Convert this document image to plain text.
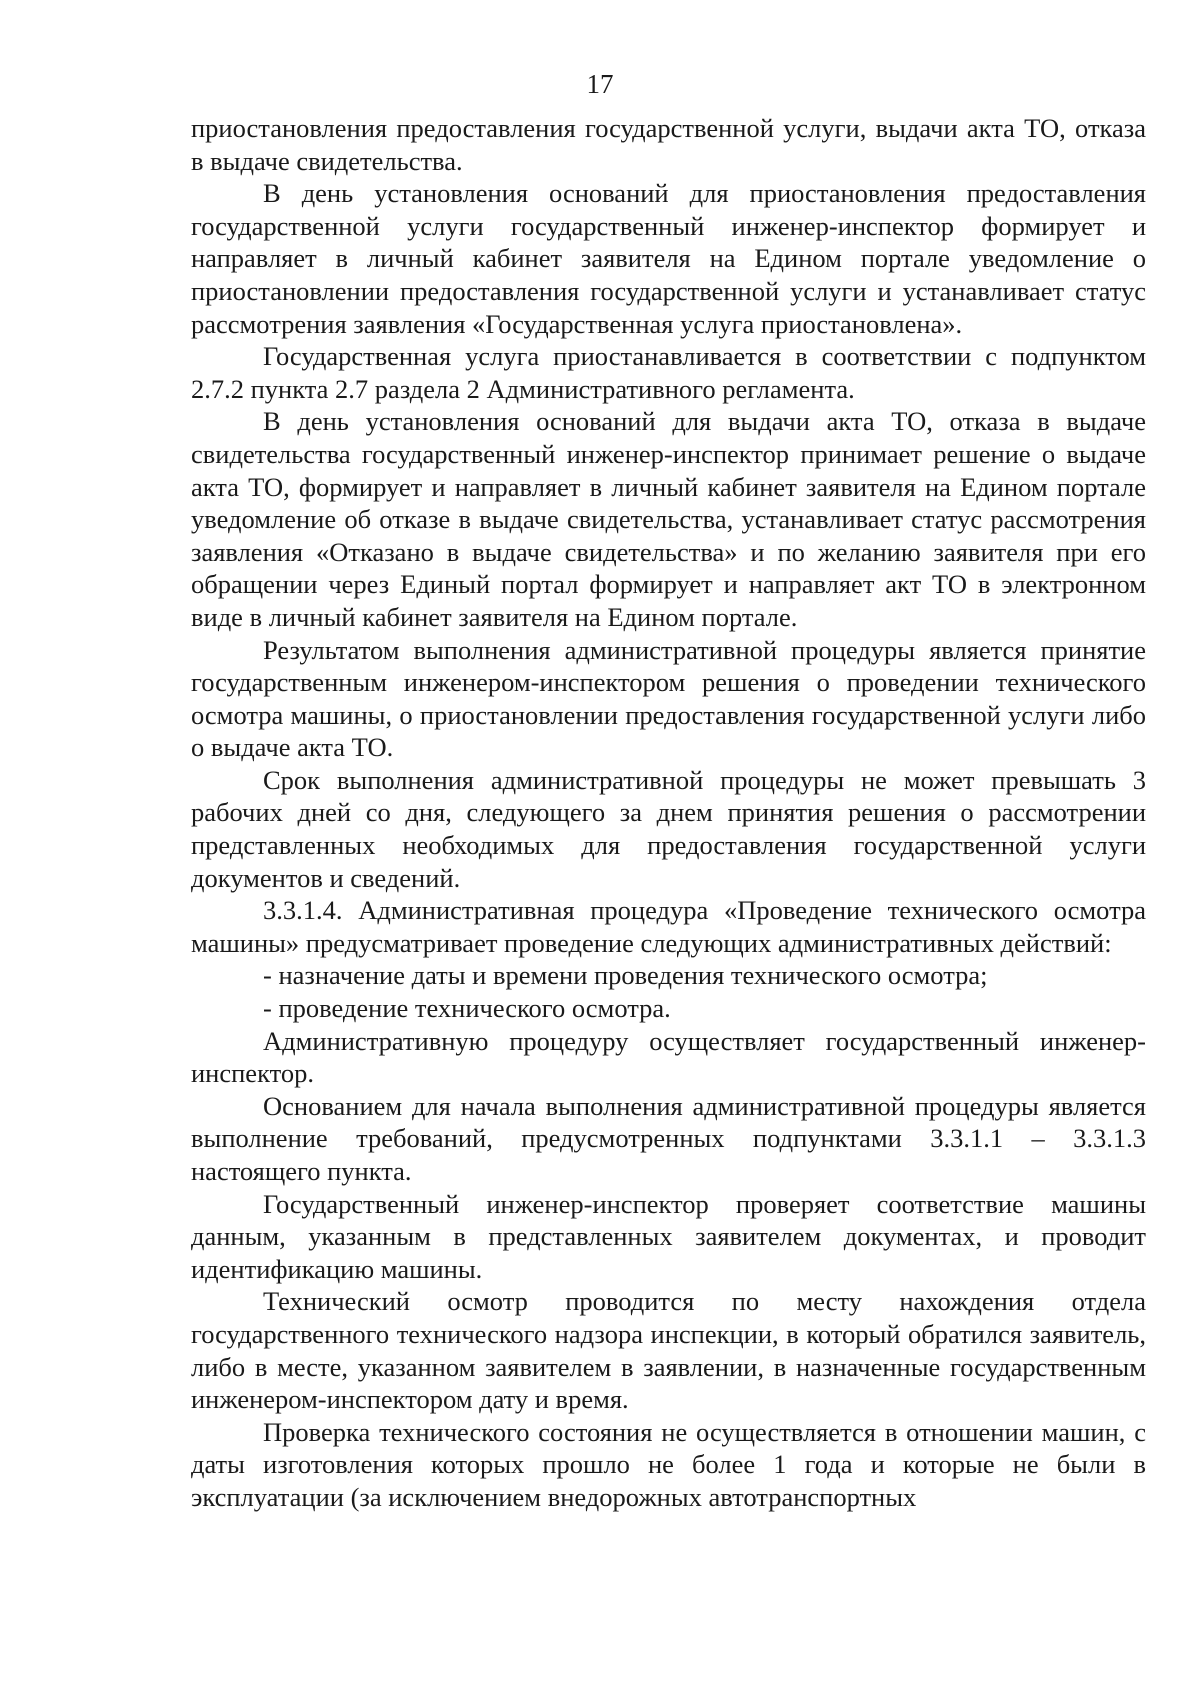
17

приостановления предоставления государственной услуги, выдачи акта ТО, отказа в выдаче свидетельства.

В день установления оснований для приостановления предоставления государственной услуги государственный инженер-инспектор формирует и направляет в личный кабинет заявителя на Едином портале уведомление о приостановлении предоставления государственной услуги и устанавливает статус рассмотрения заявления «Государственная услуга приостановлена».

Государственная услуга приостанавливается в соответствии с подпунктом 2.7.2 пункта 2.7 раздела 2 Административного регламента.

В день установления оснований для выдачи акта ТО, отказа в выдаче свидетельства государственный инженер-инспектор принимает решение о выдаче акта ТО, формирует и направляет в личный кабинет заявителя на Едином портале уведомление об отказе в выдаче свидетельства, устанавливает статус рассмотрения заявления «Отказано в выдаче свидетельства» и по желанию заявителя при его обращении через Единый портал формирует и направляет акт ТО в электронном виде в личный кабинет заявителя на Едином портале.

Результатом выполнения административной процедуры является принятие государственным инженером-инспектором решения о проведении технического осмотра машины, о приостановлении предоставления государственной услуги либо о выдаче акта ТО.

Срок выполнения административной процедуры не может превышать 3 рабочих дней со дня, следующего за днем принятия решения о рассмотрении представленных необходимых для предоставления государственной услуги документов и сведений.

3.3.1.4. Административная процедура «Проведение технического осмотра машины» предусматривает проведение следующих административных действий:

- назначение даты и времени проведения технического осмотра;

- проведение технического осмотра.

Административную процедуру осуществляет государственный инженер-инспектор.

Основанием для начала выполнения административной процедуры является выполнение требований, предусмотренных подпунктами 3.3.1.1 – 3.3.1.3 настоящего пункта.

Государственный инженер-инспектор проверяет соответствие машины данным, указанным в представленных заявителем документах, и проводит идентификацию машины.

Технический осмотр проводится по месту нахождения отдела государственного технического надзора инспекции, в который обратился заявитель, либо в месте, указанном заявителем в заявлении, в назначенные государственным инженером-инспектором дату и время.

Проверка технического состояния не осуществляется в отношении машин, с даты изготовления которых прошло не более 1 года и которые не были в эксплуатации (за исключением внедорожных автотранспортных
